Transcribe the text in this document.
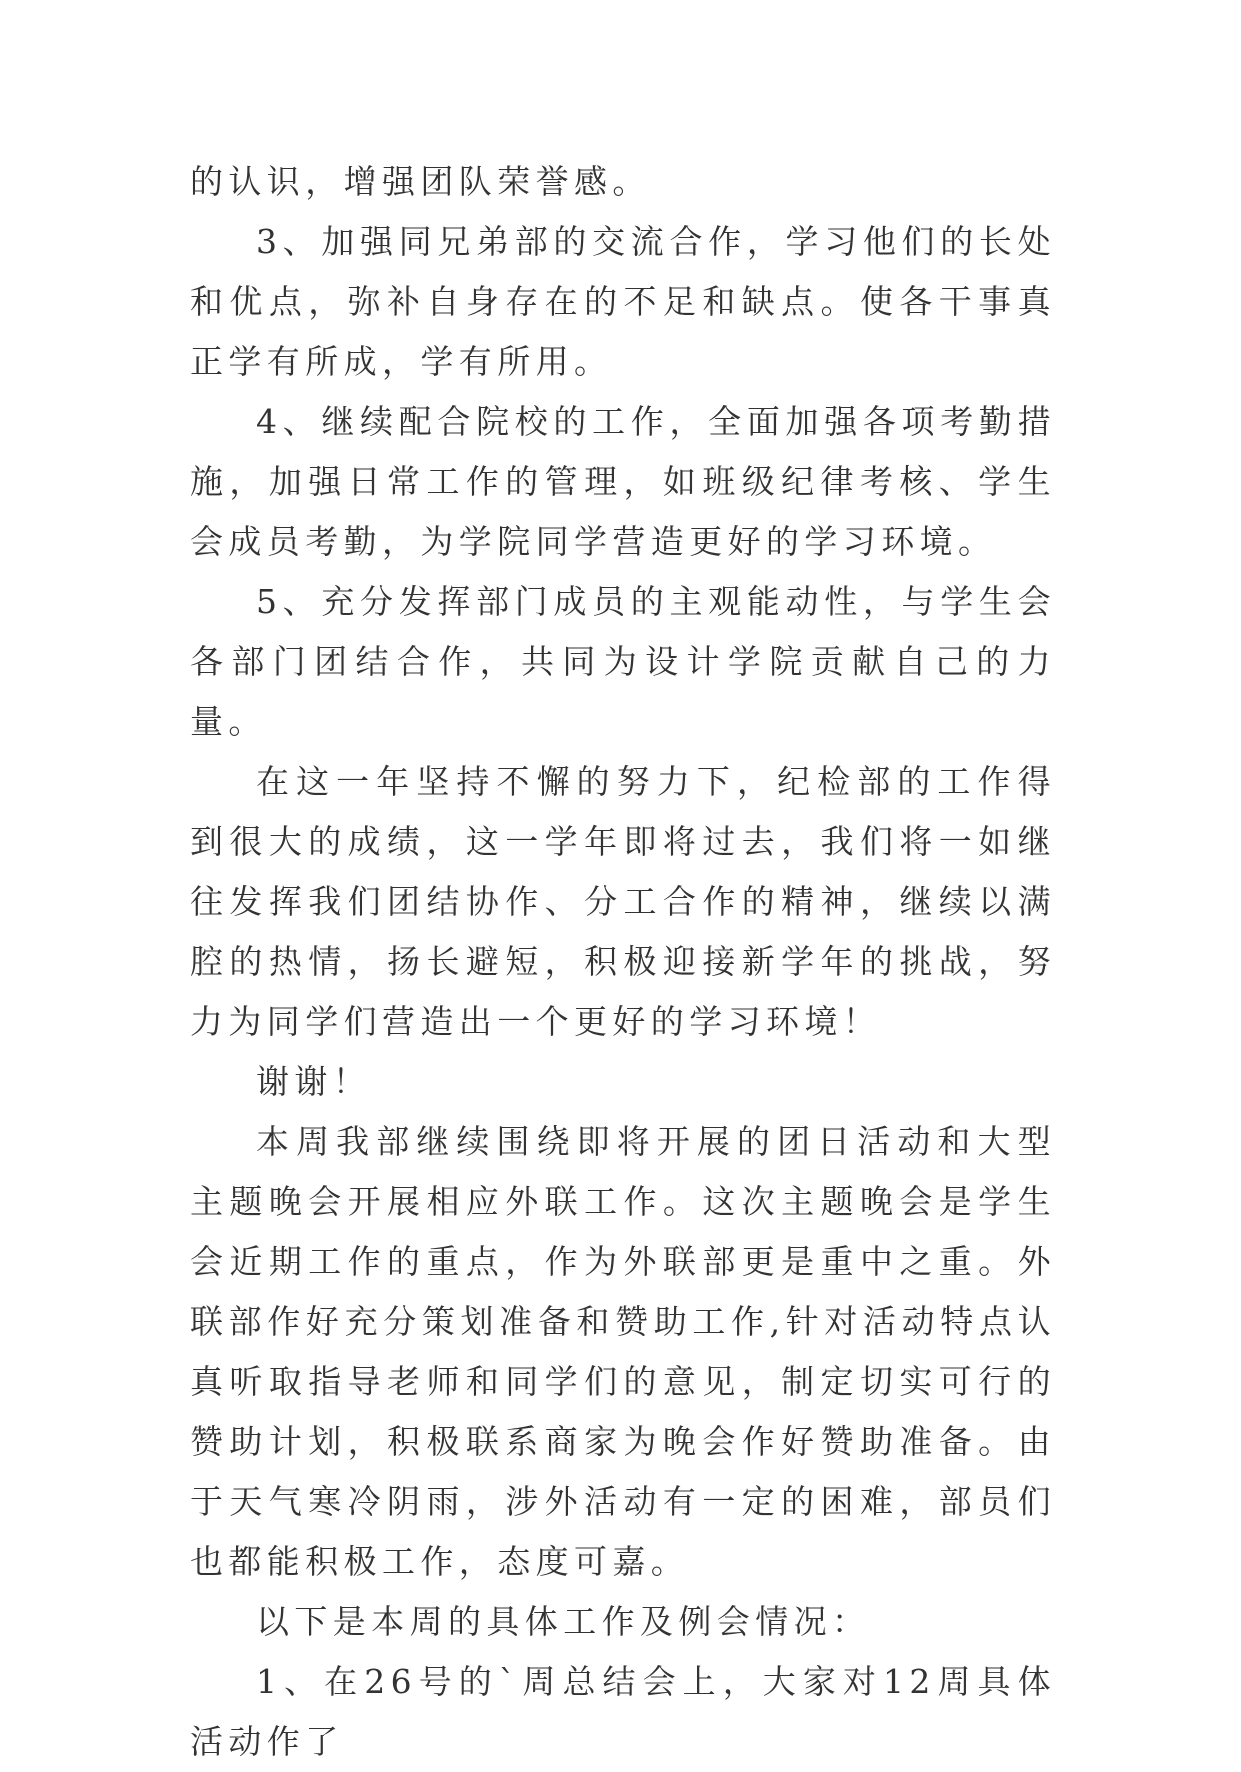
的认识，增强团队荣誉感。

3、加强同兄弟部的交流合作，学习他们的长处和优点，弥补自身存在的不足和缺点。使各干事真正学有所成，学有所用。

4、继续配合院校的工作，全面加强各项考勤措施，加强日常工作的管理，如班级纪律考核、学生会成员考勤，为学院同学营造更好的学习环境。

5、充分发挥部门成员的主观能动性，与学生会各部门团结合作，共同为设计学院贡献自己的力量。

在这一年坚持不懈的努力下，纪检部的工作得到很大的成绩，这一学年即将过去，我们将一如继往发挥我们团结协作、分工合作的精神，继续以满腔的热情，扬长避短，积极迎接新学年的挑战，努力为同学们营造出一个更好的学习环境！

谢谢！

本周我部继续围绕即将开展的团日活动和大型主题晚会开展相应外联工作。这次主题晚会是学生会近期工作的重点，作为外联部更是重中之重。外联部作好充分策划准备和赞助工作,针对活动特点认真听取指导老师和同学们的意见，制定切实可行的赞助计划，积极联系商家为晚会作好赞助准备。由于天气寒冷阴雨，涉外活动有一定的困难，部员们也都能积极工作，态度可嘉。

以下是本周的具体工作及例会情况：

1、在26号的`周总结会上，大家对12周具体活动作了
